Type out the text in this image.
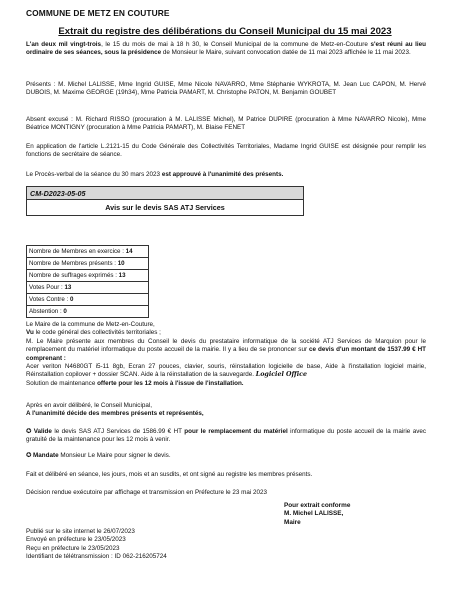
COMMUNE DE METZ EN COUTURE
Extrait du registre des délibérations du Conseil Municipal du 15 mai 2023
L'an deux mil vingt-trois, le 15 du mois de mai à 18 h 30, le Conseil Municipal de la commune de Metz-en-Couture s'est réuni au lieu ordinaire de ses séances, sous la présidence de Monsieur le Maire, suivant convocation datée de 11 mai 2023 affichée le 11 mai 2023.
Présents : M. Michel LALISSE, Mme Ingrid GUISE, Mme Nicole NAVARRO, Mme Stéphanie WYKROTA, M. Jean Luc CAPON, M. Hervé DUBOIS, M. Maxime GEORGE (19h34), Mme Patricia PAMART, M. Christophe PATON, M. Benjamin GOUBET
Absent excusé : M. Richard RISSO (procuration à M. LALISSE Michel), M Patrice DUPIRE (procuration à Mme NAVARRO Nicole), Mme Béatrice MONTIGNY (procuration à Mme Patricia PAMART), M. Blaise FENET
En application de l'article L.2121-15 du Code Générale des Collectivités Territoriales, Madame Ingrid GUISE est désignée pour remplir les fonctions de secrétaire de séance.
Le Procès-verbal de la séance du 30 mars 2023 est approuvé à l'unanimité des présents.
CM-D2023-05-05
Avis sur le devis SAS ATJ Services
Nombre de Membres en exercice : 14
Nombre de Membres présents : 10
Nombre de suffrages exprimés : 13
Votes Pour : 13
Votes Contre : 0
Abstention : 0
Le Maire de la commune de Metz-en-Couture,
Vu le code général des collectivités territoriales ;
M. Le Maire présente aux membres du Conseil le devis du prestataire informatique de la société ATJ Services de Marquion pour le remplacement du matériel informatique du poste accueil de la mairie. Il y a lieu de se prononcer sur ce devis d'un montant de 1537.99 € HT comprenant :
Acer veriton N4680GT i5-11 8gb, Ecran 27 pouces, clavier, souris, réinstallation logicielle de base, Aide à l'installation logiciel mairie, Réinstallation copilover + dossier SCAN. Aide à la réinstallation de la sauvegarde. Logiciel Office
Solution de maintenance offerte pour les 12 mois à l'issue de l'installation.
Après en avoir délibéré, le Conseil Municipal,
A l'unanimité décide des membres présents et représentés,
✪ Valide le devis SAS ATJ Services de 1586.99 € HT pour le remplacement du matériel informatique du poste accueil de la mairie avec gratuité de la maintenance pour les 12 mois à venir.
✪ Mandate Monsieur Le Maire pour signer le devis.
Fait et délibéré en séance, les jours, mois et an susdits, et ont signé au registre les membres présents.
Décision rendue exécutoire par affichage et transmission en Préfecture le 23 mai 2023
Pour extrait conforme
M. Michel LALISSE,
Maire
Publié sur le site internet le 26/07/2023
Envoyé en préfecture le 23/05/2023
Reçu en préfecture le 23/05/2023
Identifiant de télétransmission : ID 062-216205724
